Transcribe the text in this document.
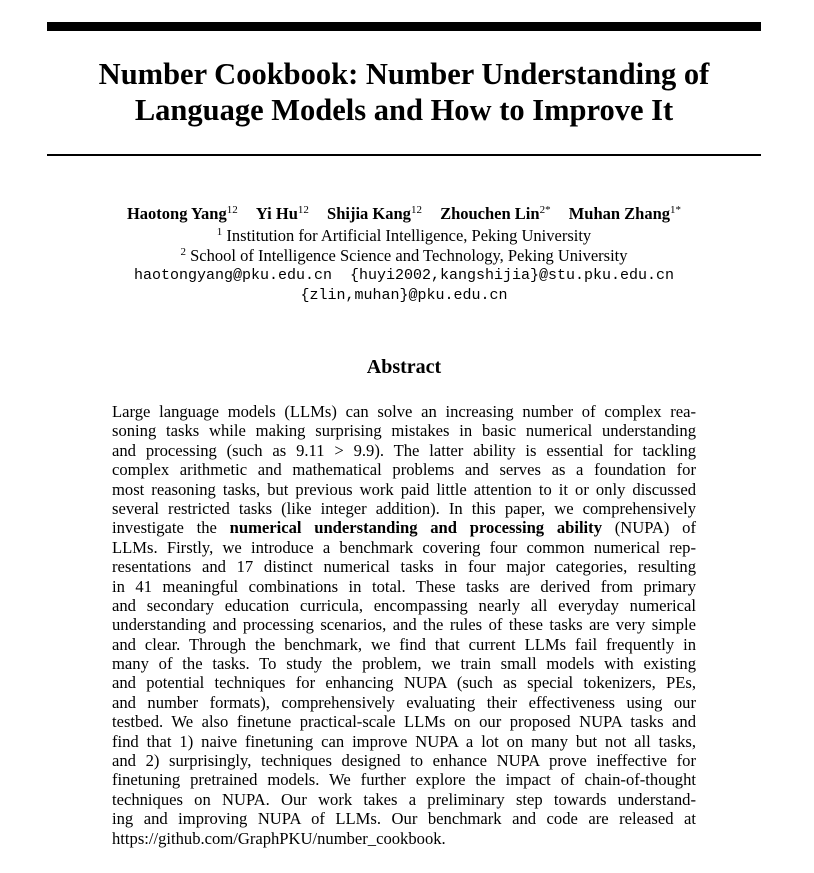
Number Cookbook: Number Understanding of
Language Models and How to Improve It
Haotong Yang$^{12}$ Yi Hu$^{12}$ Shijia Kang$^{12}$ Zhouchen Lin$^{2*}$ Muhan Zhang$^{1*}$
$^1$ Institution for Artificial Intelligence, Peking University
$^2$ School of Intelligence Science and Technology, Peking University
haotongyang@pku.edu.cn  {huyi2002,kangshijia}@stu.pku.edu.cn
{zlin,muhan}@pku.edu.cn
Abstract
Large language models (LLMs) can solve an increasing number of complex rea-
soning tasks while making surprising mistakes in basic numerical understanding
and processing (such as 9.11 > 9.9). The latter ability is essential for tackling
complex arithmetic and mathematical problems and serves as a foundation for
most reasoning tasks, but previous work paid little attention to it or only discussed
several restricted tasks (like integer addition). In this paper, we comprehensively
investigate the numerical understanding and processing ability (NUPA) of
LLMs. Firstly, we introduce a benchmark covering four common numerical rep-
resentations and 17 distinct numerical tasks in four major categories, resulting
in 41 meaningful combinations in total. These tasks are derived from primary
and secondary education curricula, encompassing nearly all everyday numerical
understanding and processing scenarios, and the rules of these tasks are very simple
and clear. Through the benchmark, we find that current LLMs fail frequently in
many of the tasks. To study the problem, we train small models with existing
and potential techniques for enhancing NUPA (such as special tokenizers, PEs,
and number formats), comprehensively evaluating their effectiveness using our
testbed. We also finetune practical-scale LLMs on our proposed NUPA tasks and
find that 1) naive finetuning can improve NUPA a lot on many but not all tasks,
and 2) surprisingly, techniques designed to enhance NUPA prove ineffective for
finetuning pretrained models. We further explore the impact of chain-of-thought
techniques on NUPA. Our work takes a preliminary step towards understand-
ing and improving NUPA of LLMs. Our benchmark and code are released at
https://github.com/GraphPKU/number_cookbook.
